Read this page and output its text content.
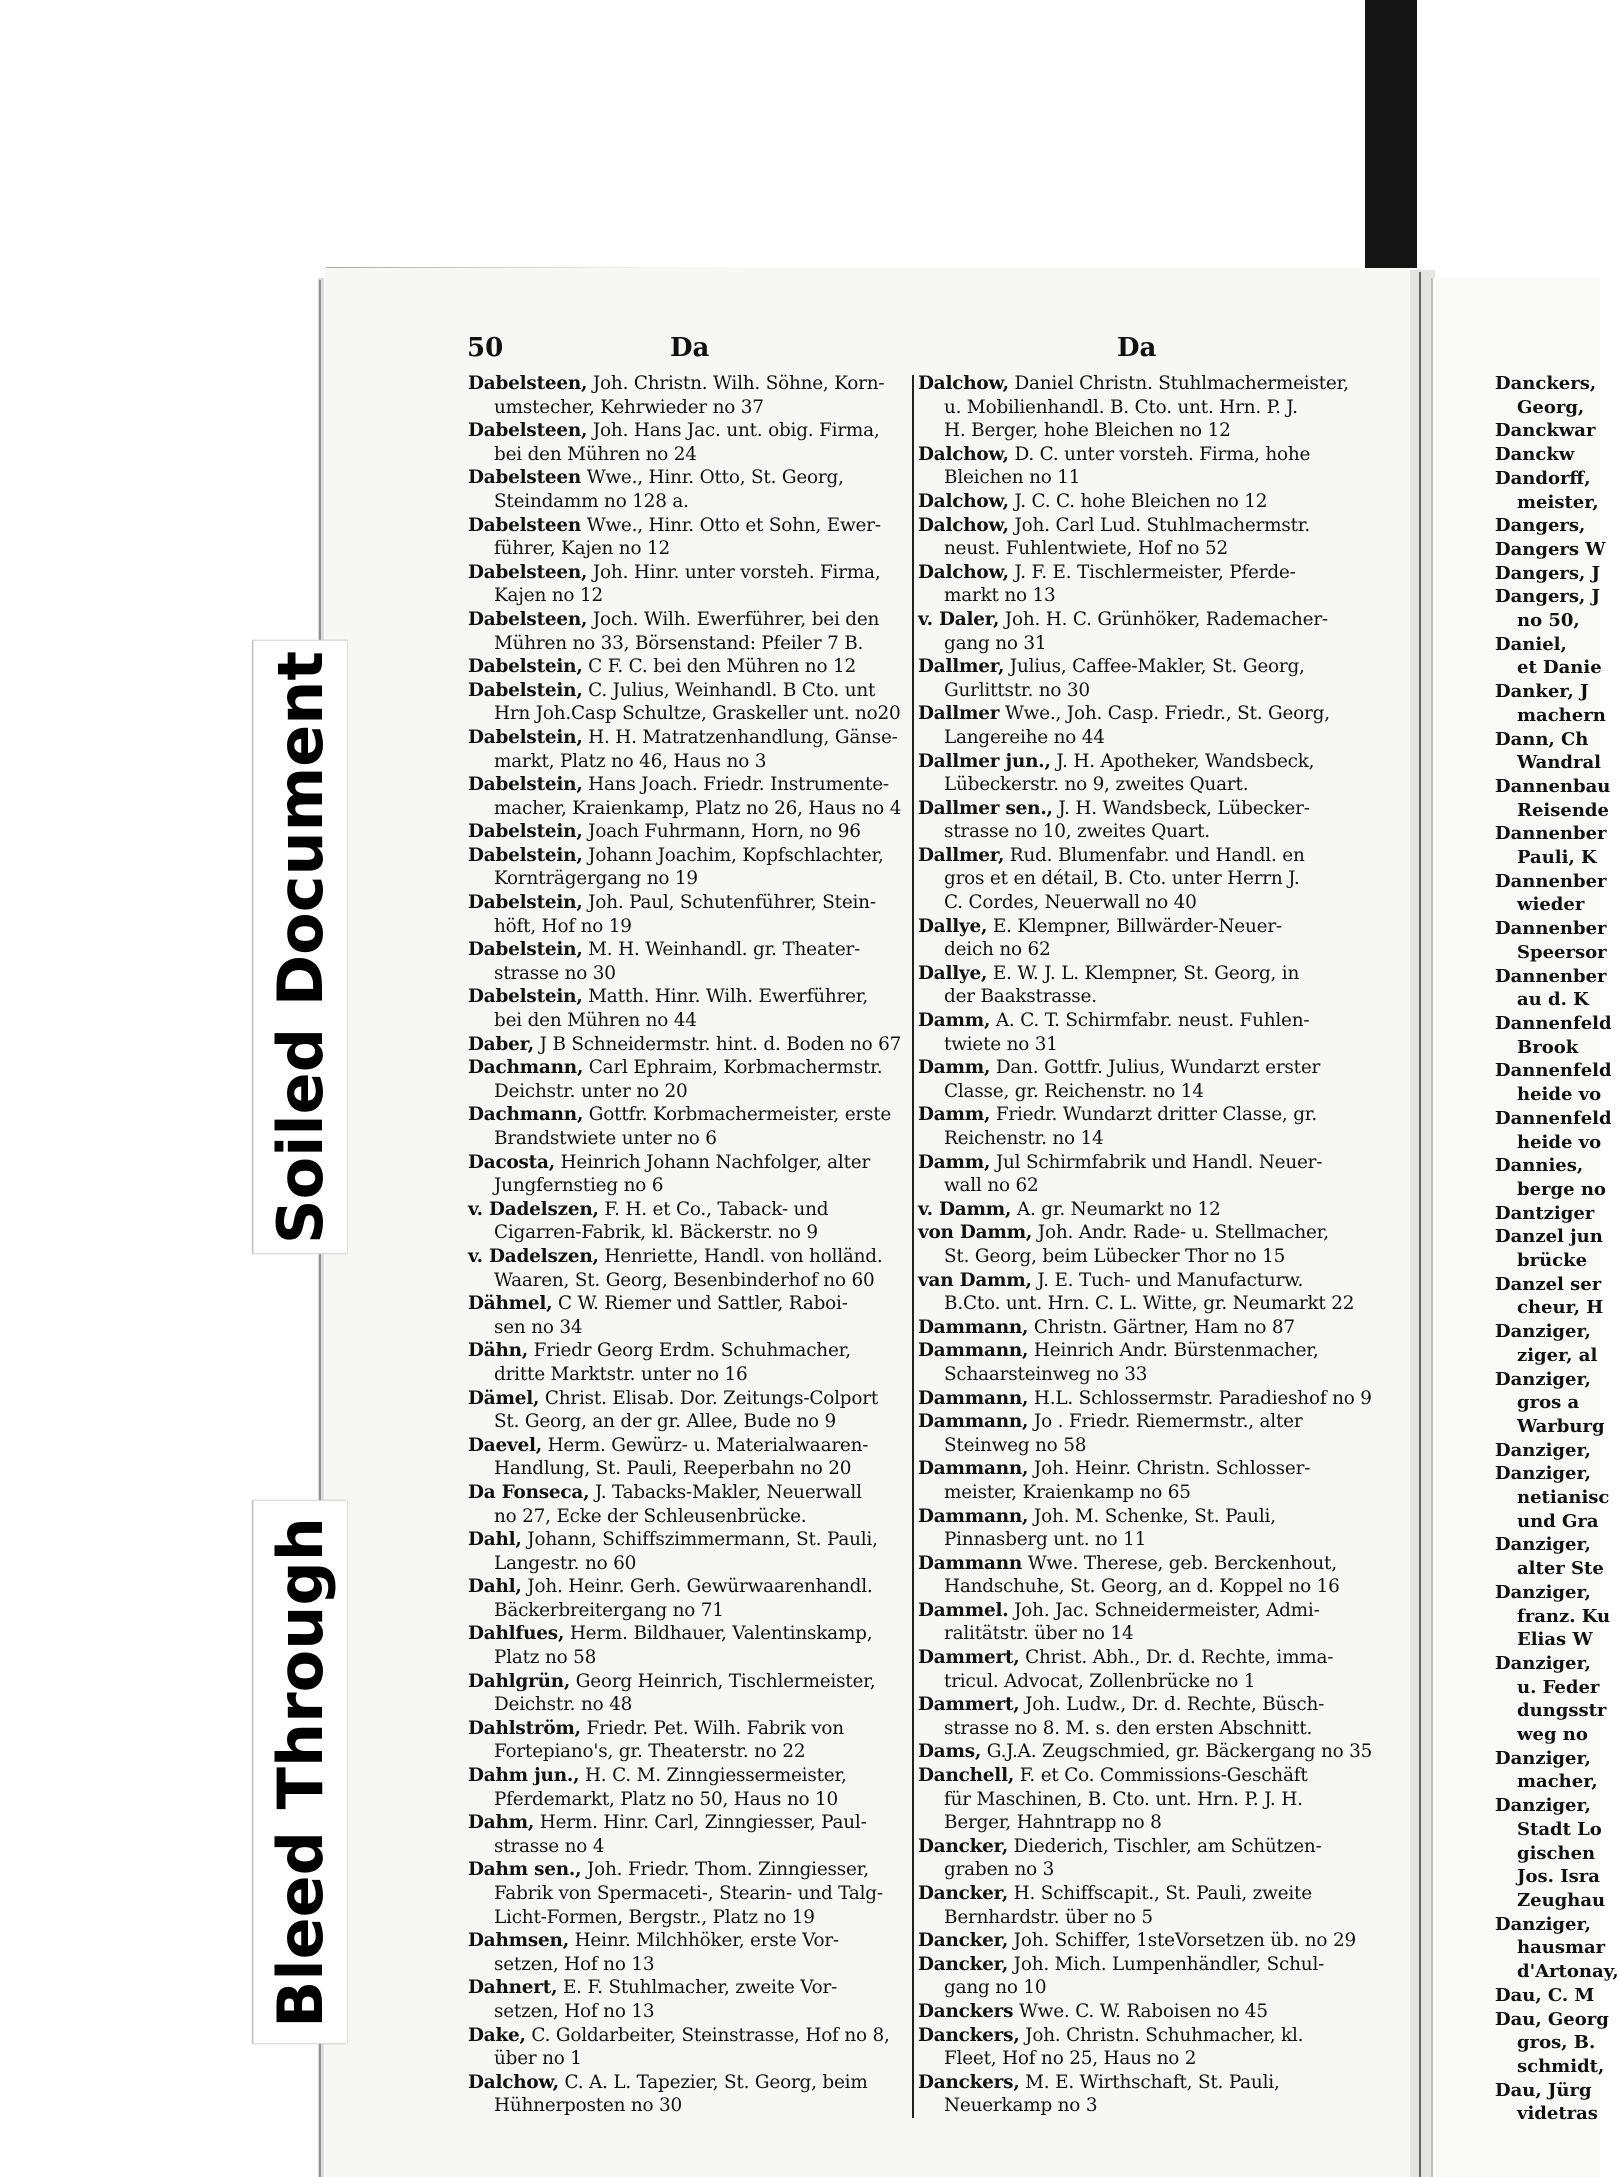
50	Da	Da
Dabelsteen, Joh. Christn. Wilh. Söhne, Korn-
umstecher, Kehrwieder no 37
Dabelsteen, Joh. Hans Jac. unt. obig. Firma,
bei den Mühren no 24
Dabelsteen Wwe., Hinr. Otto, St. Georg,
Steindamm no 128 a.
Dabelsteen Wwe., Hinr. Otto et Sohn, Ewer-
führer, Kajen no 12
Dabelsteen, Joh. Hinr. unter vorsteh. Firma,
Kajen no 12
Dabelsteen, Joch. Wilh. Ewerführer, bei den
Mühren no 33, Börsenstand: Pfeiler 7 B.
Dabelstein, C F. C. bei den Mühren no 12
Dabelstein, C. Julius, Weinhandl. B Cto. unt
Hrn Joh.Casp Schultze, Graskeller unt. no20
Dabelstein, H. H. Matratzenhandlung, Gänse-
markt, Platz no 46, Haus no 3
Dabelstein, Hans Joach. Friedr. Instrumente-
macher, Kraienkamp, Platz no 26, Haus no 4
Dabelstein, Joach Fuhrmann, Horn, no 96
Dabelstein, Johann Joachim, Kopfschlachter,
Kornträgergang no 19
Dabelstein, Joh. Paul, Schutenführer, Stein-
höft, Hof no 19
Dabelstein, M. H. Weinhandl. gr. Theater-
strasse no 30
Dabelstein, Matth. Hinr. Wilh. Ewerführer,
bei den Mühren no 44
Daber, J B Schneidermstr. hint. d. Boden no 67
Dachmann, Carl Ephraim, Korbmachermstr.
Deichstr. unter no 20
Dachmann, Gottfr. Korbmachermeister, erste
Brandstwiete unter no 6
Dacosta, Heinrich Johann Nachfolger, alter
Jungfernstieg no 6
v. Dadelszen, F. H. et Co., Taback- und
Cigarren-Fabrik, kl. Bäckerstr. no 9
v. Dadelszen, Henriette, Handl. von holländ.
Waaren, St. Georg, Besenbinderhof no 60
Dähmel, C W. Riemer und Sattler, Raboi-
sen no 34
Dähn, Friedr Georg Erdm. Schuhmacher,
dritte Marktstr. unter no 16
Dämel, Christ. Elisab. Dor. Zeitungs-Colport
St. Georg, an der gr. Allee, Bude no 9
Daevel, Herm. Gewürz- u. Materialwaaren-
Handlung, St. Pauli, Reeperbahn no 20
Da Fonseca, J. Tabacks-Makler, Neuerwall
no 27, Ecke der Schleusenbrücke.
Dahl, Johann, Schiffszimmermann, St. Pauli,
Langestr. no 60
Dahl, Joh. Heinr. Gerh. Gewürwaarenhandl.
Bäckerbreitergang no 71
Dahlfues, Herm. Bildhauer, Valentinskamp,
Platz no 58
Dahlgrün, Georg Heinrich, Tischlermeister,
Deichstr. no 48
Dahlström, Friedr. Pet. Wilh. Fabrik von
Fortepiano's, gr. Theaterstr. no 22
Dahm jun., H. C. M. Zinngiessermeister,
Pferdemarkt, Platz no 50, Haus no 10
Dahm, Herm. Hinr. Carl, Zinngiesser, Paul-
strasse no 4
Dahm sen., Joh. Friedr. Thom. Zinngiesser,
Fabrik von Spermaceti-, Stearin- und Talg-
Licht-Formen, Bergstr., Platz no 19
Dahmsen, Heinr. Milchhöker, erste Vor-
setzen, Hof no 13
Dahnert, E. F. Stuhlmacher, zweite Vor-
setzen, Hof no 13
Dake, C. Goldarbeiter, Steinstrasse, Hof no 8,
über no 1
Dalchow, C. A. L. Tapezier, St. Georg, beim
Hühnerposten no 30
Dalchow, Daniel Christn. Stuhlmachermeister,
u. Mobilienhandl. B. Cto. unt. Hrn. P. J.
H. Berger, hohe Bleichen no 12
Dalchow, D. C. unter vorsteh. Firma, hohe
Bleichen no 11
Dalchow, J. C. C. hohe Bleichen no 12
Dalchow, Joh. Carl Lud. Stuhlmachermstr.
neust. Fuhlentwiete, Hof no 52
Dalchow, J. F. E. Tischlermeister, Pferde-
markt no 13
v. Daler, Joh. H. C. Grünhöker, Rademacher-
gang no 31
Dallmer, Julius, Caffee-Makler, St. Georg,
Gurlittstr. no 30
Dallmer Wwe., Joh. Casp. Friedr., St. Georg,
Langereihe no 44
Dallmer jun., J. H. Apotheker, Wandsbeck,
Lübeckerstr. no 9, zweites Quart.
Dallmer sen., J. H. Wandsbeck, Lübecker-
strasse no 10, zweites Quart.
Dallmer, Rud. Blumenfabr. und Handl. en
gros et en détail, B. Cto. unter Herrn J.
C. Cordes, Neuerwall no 40
Dallye, E. Klempner, Billwärder-Neuer-
deich no 62
Dallye, E. W. J. L. Klempner, St. Georg, in
der Baakstrasse.
Damm, A. C. T. Schirmfabr. neust. Fuhlen-
twiete no 31
Damm, Dan. Gottfr. Julius, Wundarzt erster
Classe, gr. Reichenstr. no 14
Damm, Friedr. Wundarzt dritter Classe, gr.
Reichenstr. no 14
Damm, Jul Schirmfabrik und Handl. Neuer-
wall no 62
v. Damm, A. gr. Neumarkt no 12
von Damm, Joh. Andr. Rade- u. Stellmacher,
St. Georg, beim Lübecker Thor no 15
van Damm, J. E. Tuch- und Manufacturw.
B.Cto. unt. Hrn. C. L. Witte, gr. Neumarkt 22
Dammann, Christn. Gärtner, Ham no 87
Dammann, Heinrich Andr. Bürstenmacher,
Schaarsteinweg no 33
Dammann, H.L. Schlossermstr. Paradieshof no 9
Dammann, Jo . Friedr. Riemermstr., alter
Steinweg no 58
Dammann, Joh. Heinr. Christn. Schlosser-
meister, Kraienkamp no 65
Dammann, Joh. M. Schenke, St. Pauli,
Pinnasberg unt. no 11
Dammann Wwe. Therese, geb. Berckenhout,
Handschuhe, St. Georg, an d. Koppel no 16
Dammel. Joh. Jac. Schneidermeister, Admi-
ralitätstr. über no 14
Dammert, Christ. Abh., Dr. d. Rechte, imma-
tricul. Advocat, Zollenbrücke no 1
Dammert, Joh. Ludw., Dr. d. Rechte, Büsch-
strasse no 8. M. s. den ersten Abschnitt.
Dams, G.J.A. Zeugschmied, gr. Bäckergang no 35
Danchell, F. et Co. Commissions-Geschäft
für Maschinen, B. Cto. unt. Hrn. P. J. H.
Berger, Hahntrapp no 8
Dancker, Diederich, Tischler, am Schützen-
graben no 3
Dancker, H. Schiffscapit., St. Pauli, zweite
Bernhardstr. über no 5
Dancker, Joh. Schiffer, 1steVorsetzen üb. no 29
Dancker, Joh. Mich. Lumpenhändler, Schul-
gang no 10
Danckers Wwe. C. W. Raboisen no 45
Danckers, Joh. Christn. Schuhmacher, kl.
Fleet, Hof no 25, Haus no 2
Danckers, M. E. Wirthschaft, St. Pauli,
Neuerkamp no 3
Danckers,
Georg,
Danckwar
Danckw
Dandorff,
meister,
Dangers,
Dangers W
Dangers, J
Dangers, J
no 50,
Daniel,
et Danie
Danker, J
machern
Dann, Ch
Wandral
Dannenbau
Reisende
Dannenber
Pauli, K
Dannenber
wieder
Dannenber
Speersor
Dannenber
au d. K
Dannenfeld
Brook
Dannenfeld
heide vo
Dannenfeld
heide vo
Dannies,
berge no
Dantziger
Danzel jun
brücke
Danzel ser
cheur, H
Danziger,
ziger, al
Danziger,
gros a
Warburg
Danziger,
Danziger,
netianisc
und Gra
Danziger,
alter Ste
Danziger,
franz. Ku
Elias W
Danziger,
u. Feder
dungsstr
weg no
Danziger,
macher,
Danziger,
Stadt Lo
gischen
Jos. Isra
Zeughau
Danziger,
hausmar
d'Artonay,
Dau, C. M
Dau, Georg
gros, B.
schmidt,
Dau, Jürg
videtras
Soiled Document
Bleed Through
